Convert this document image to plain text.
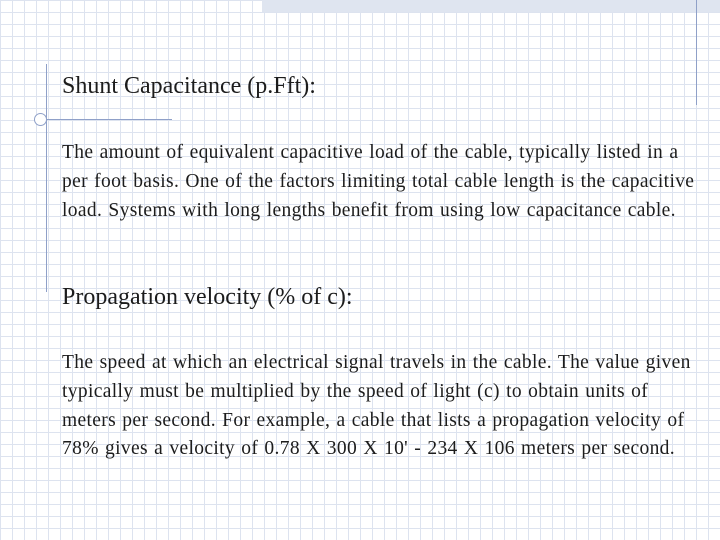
Shunt Capacitance (p.Fft):

The amount of equivalent capacitive load of the cable, typically listed in a per foot basis. One of the factors limiting total cable length is the capacitive load. Systems with long lengths benefit from using low capacitance cable.

Propagation velocity (% of c):

The speed at which an electrical signal travels in the cable. The value given typically must be multiplied by the speed of light (c) to obtain units of meters per second. For example, a cable that lists a propagation velocity of 78% gives a velocity of 0.78 X 300 X 10' - 234 X 106 meters per second.
